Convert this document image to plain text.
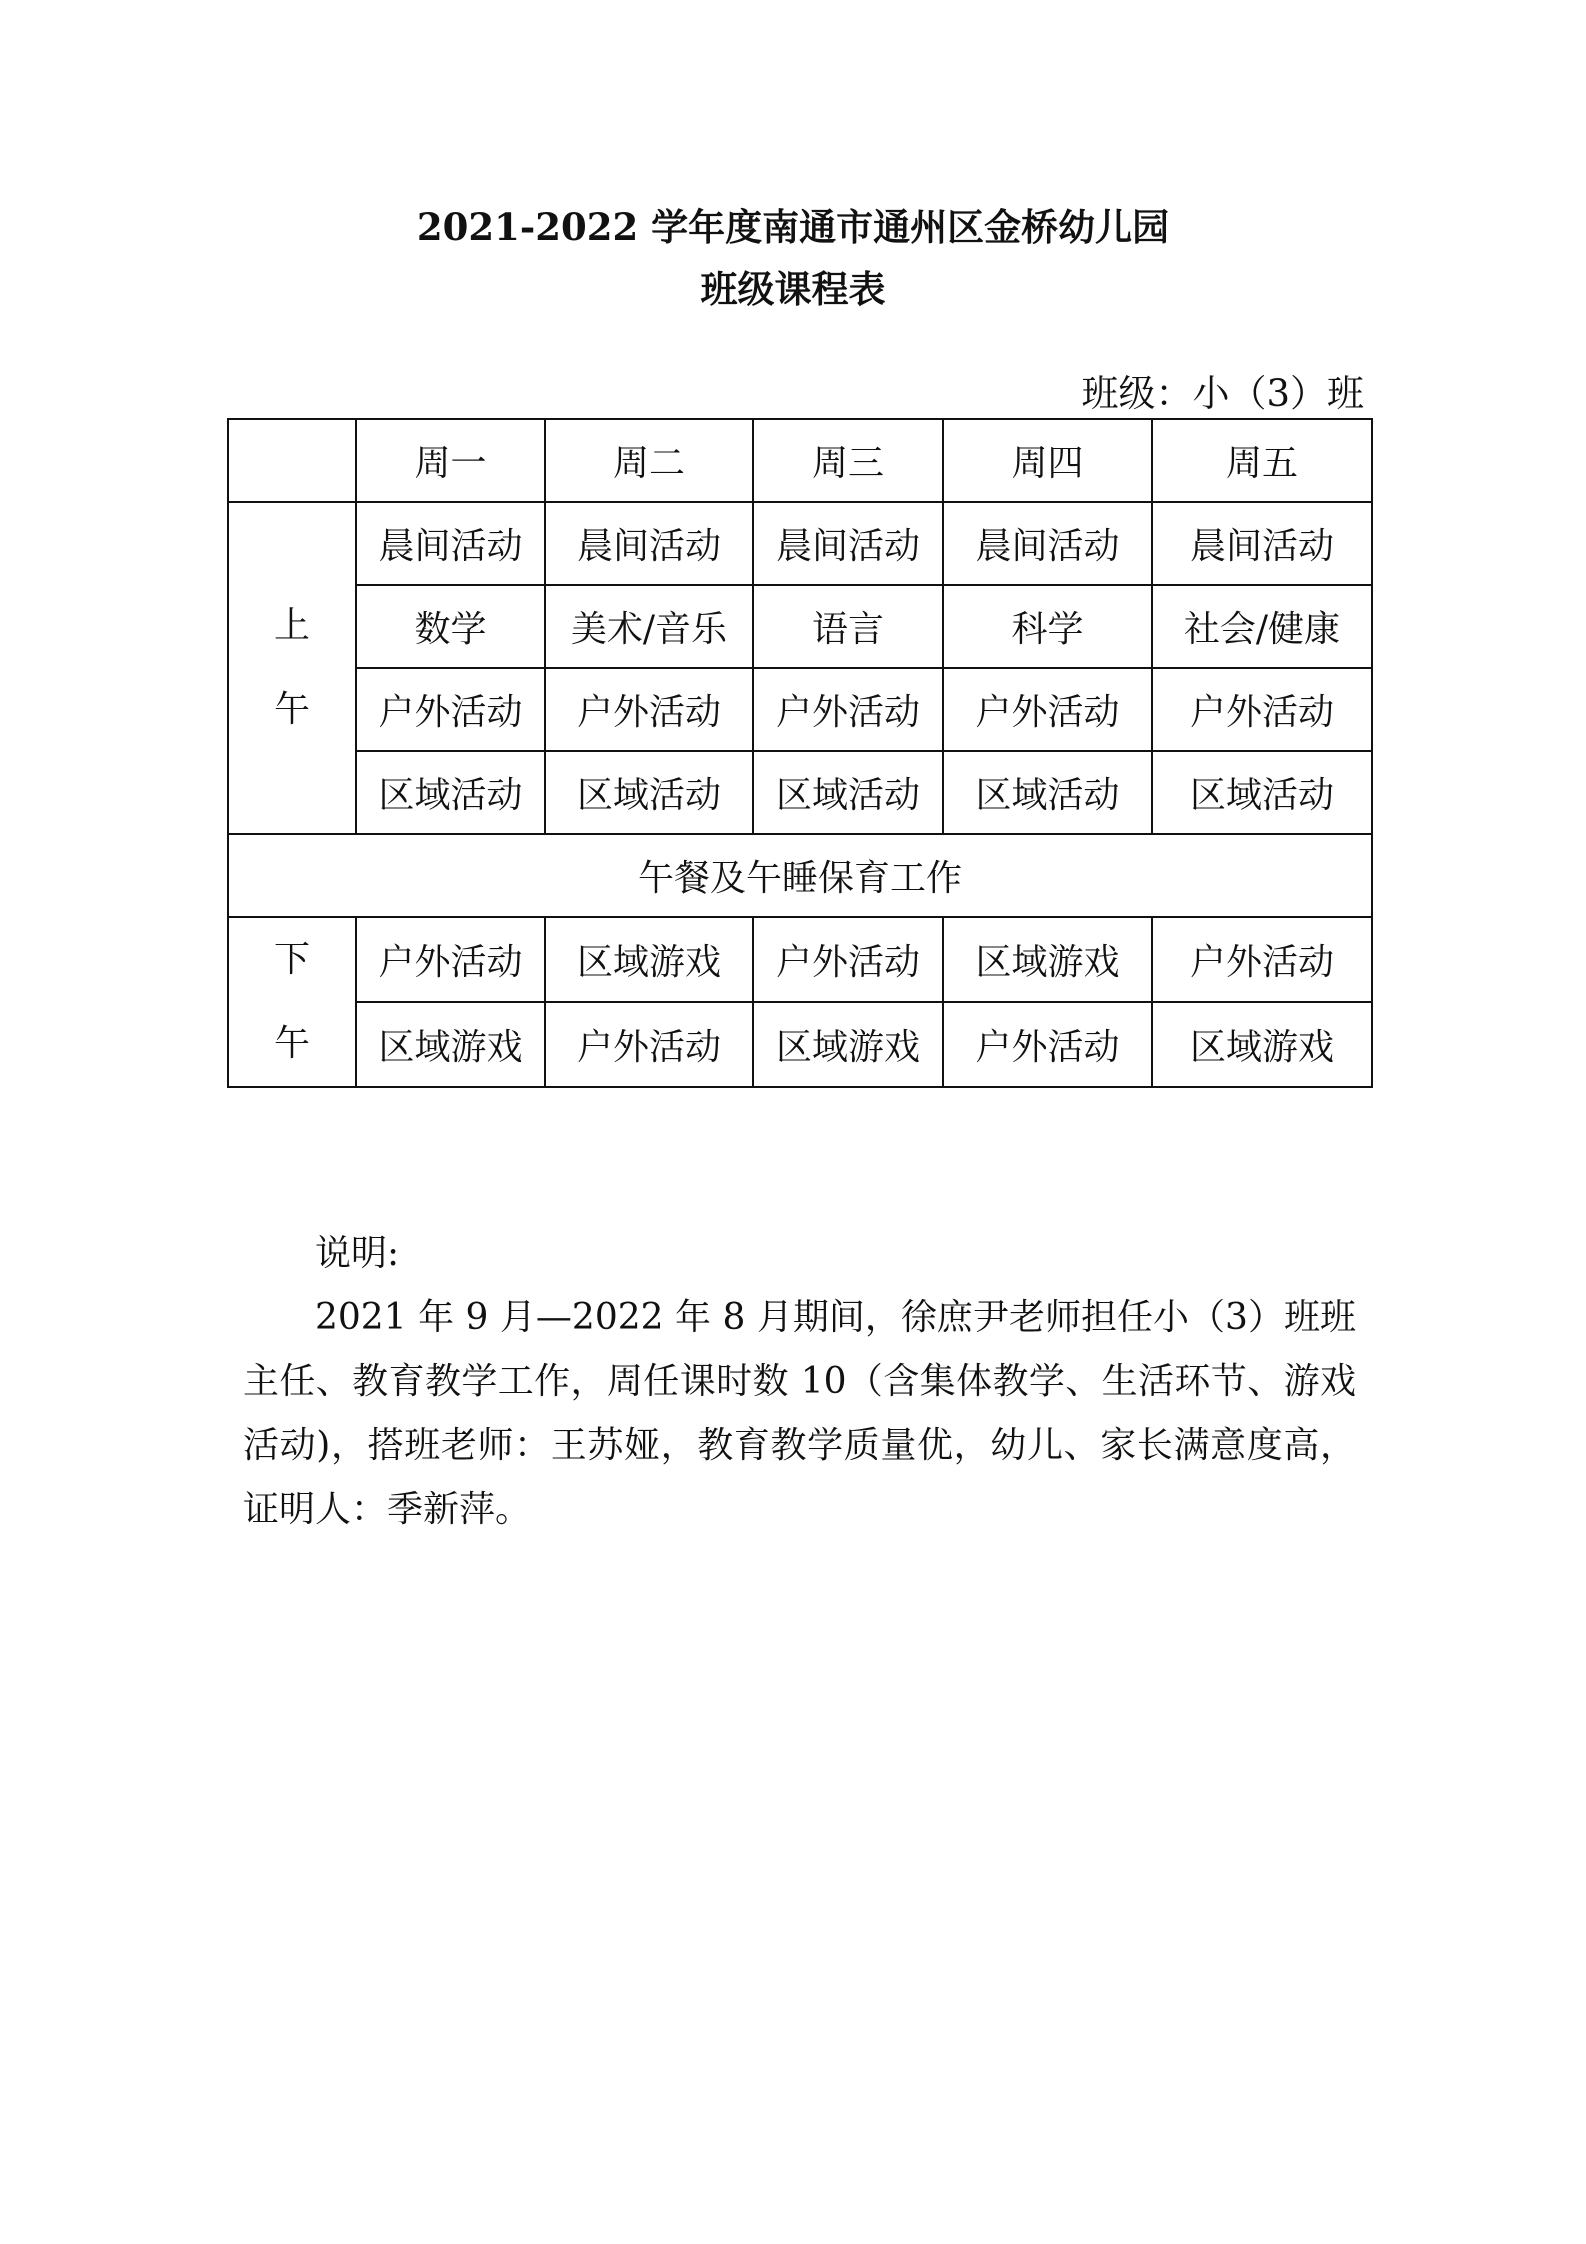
2021-2022 学年度南通市通州区金桥幼儿园
班级课程表
班级：小（3）班
	周一	周二	周三	周四	周五

上
午	晨间活动	晨间活动	晨间活动	晨间活动	晨间活动
	数学	美术/音乐	语言	科学	社会/健康
	户外活动	户外活动	户外活动	户外活动	户外活动
	区域活动	区域活动	区域活动	区域活动	区域活动
午餐及午睡保育工作					

下
午	户外活动	区域游戏	户外活动	区域游戏	户外活动
	区域游戏	户外活动	区域游戏	户外活动	区域游戏
说明:
2021 年 9 月—2022 年 8 月期间，徐庶尹老师担任小（3）班班主任、教育教学工作，周任课时数 10（含集体教学、生活环节、游戏活动)，搭班老师：王苏娅，教育教学质量优，幼儿、家长满意度高，证明人：季新萍。
